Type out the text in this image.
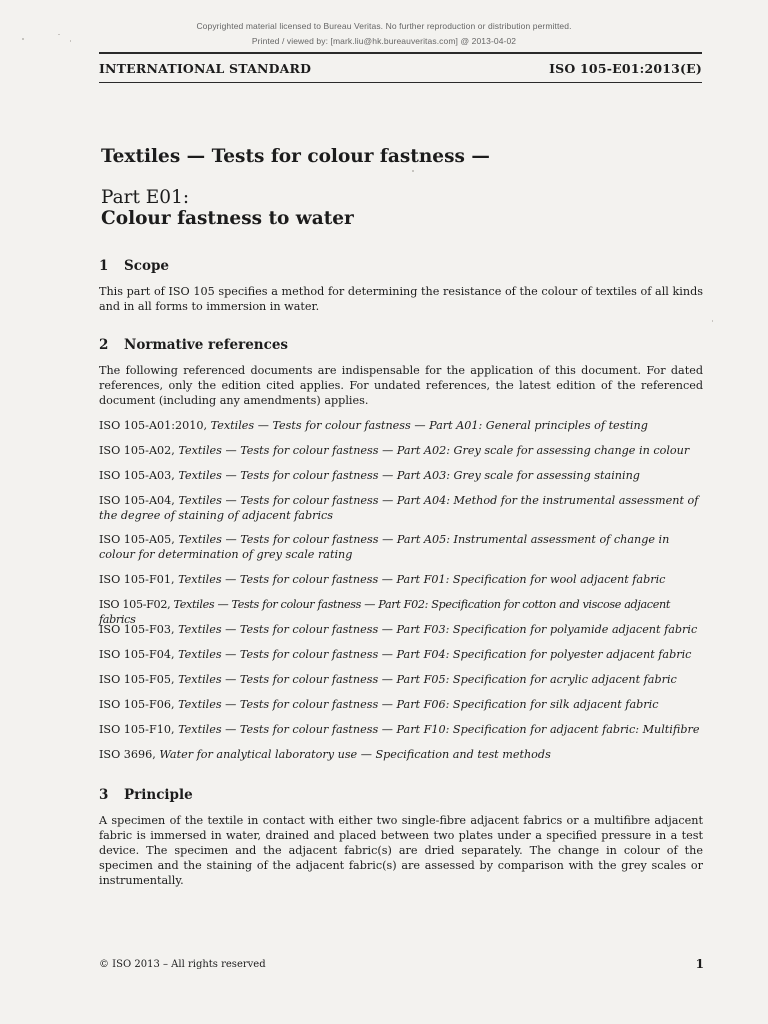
Copyrighted material licensed to Bureau Veritas. No further reproduction or distribution permitted.
Printed / viewed by: [mark.liu@hk.bureauveritas.com] @ 2013-04-02
INTERNATIONAL STANDARD	ISO 105-E01:2013(E)
Textiles — Tests for colour fastness —
Part E01:
Colour fastness to water
1 Scope
This part of ISO 105 specifies a method for determining the resistance of the colour of textiles of all kinds and in all forms to immersion in water.
2 Normative references
The following referenced documents are indispensable for the application of this document. For dated references, only the edition cited applies. For undated references, the latest edition of the referenced document (including any amendments) applies.
ISO 105-A01:2010, Textiles — Tests for colour fastness — Part A01: General principles of testing
ISO 105-A02, Textiles — Tests for colour fastness — Part A02: Grey scale for assessing change in colour
ISO 105-A03, Textiles — Tests for colour fastness — Part A03: Grey scale for assessing staining
ISO 105-A04, Textiles — Tests for colour fastness — Part A04: Method for the instrumental assessment of the degree of staining of adjacent fabrics
ISO 105-A05, Textiles — Tests for colour fastness — Part A05: Instrumental assessment of change in colour for determination of grey scale rating
ISO 105-F01, Textiles — Tests for colour fastness — Part F01: Specification for wool adjacent fabric
ISO 105-F02, Textiles — Tests for colour fastness — Part F02: Specification for cotton and viscose adjacent fabrics
ISO 105-F03, Textiles — Tests for colour fastness — Part F03: Specification for polyamide adjacent fabric
ISO 105-F04, Textiles — Tests for colour fastness — Part F04: Specification for polyester adjacent fabric
ISO 105-F05, Textiles — Tests for colour fastness — Part F05: Specification for acrylic adjacent fabric
ISO 105-F06, Textiles — Tests for colour fastness — Part F06: Specification for silk adjacent fabric
ISO 105-F10, Textiles — Tests for colour fastness — Part F10: Specification for adjacent fabric: Multifibre
ISO 3696, Water for analytical laboratory use — Specification and test methods
3 Principle
A specimen of the textile in contact with either two single-fibre adjacent fabrics or a multifibre adjacent fabric is immersed in water, drained and placed between two plates under a specified pressure in a test device. The specimen and the adjacent fabric(s) are dried separately. The change in colour of the specimen and the staining of the adjacent fabric(s) are assessed by comparison with the grey scales or instrumentally.
© ISO 2013 – All rights reserved	1
